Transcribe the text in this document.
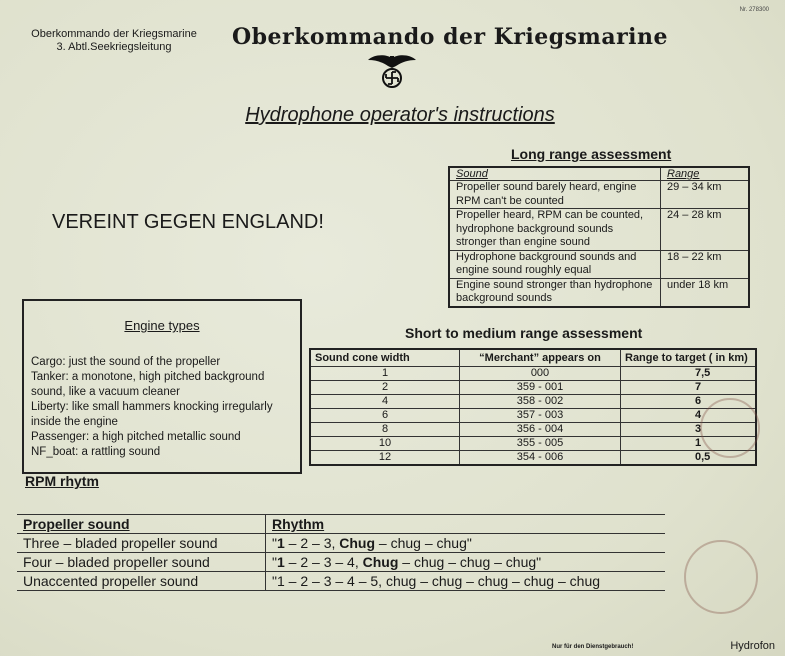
Nr. 278300
Oberkommando der Kriegsmarine
3. Abtl.Seekriegsleitung	Oberkommando der Kriegsmarine
Hydrophone operator's instructions
VEREINT GEGEN ENGLAND!
Long range assessment
Sound	Range
Propeller sound barely heard, engine RPM can't be counted	29 – 34 km
Propeller heard, RPM can be counted, hydrophone background sounds stronger than engine sound	24 – 28 km
Hydrophone background sounds and engine sound roughly equal	18 – 22 km
Engine sound stronger than hydrophone background sounds	under 18 km
Engine types
Cargo: just the sound of the propeller
Tanker: a monotone, high pitched background sound, like a vacuum cleaner
Liberty: like small hammers knocking irregularly inside the engine
Passenger: a high pitched metallic sound
NF_boat: a rattling sound
Short to medium range assessment
Sound cone width	“Merchant” appears on	Range to target ( in km)
1	000	7,5
2	359 - 001	7
4	358 - 002	6
6	357 - 003	4
8	356 - 004	3
10	355 - 005	1
12	354 - 006	0,5
RPM rhytm
Propeller sound	Rhythm
Three – bladed propeller sound	"1 – 2 – 3, Chug – chug – chug"
Four – bladed propeller sound	"1 – 2 – 3 – 4, Chug – chug – chug – chug"
Unaccented propeller sound	"1 – 2 – 3 – 4 – 5, chug – chug – chug – chug – chug
Nur für den Dienstgebrauch!	Hydrofon
